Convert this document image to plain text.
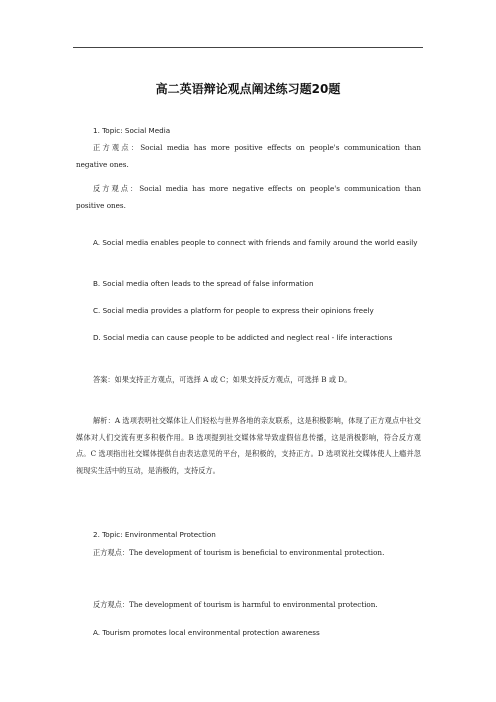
高二英语辩论观点阐述练习题20题
1. Topic: Social Media
正方观点：Social media has more positive effects on people's communication than negative ones.
反方观点：Social media has more negative effects on people's communication than positive ones.
A. Social media enables people to connect with friends and family around the world easily
B. Social media often leads to the spread of false information
C. Social media provides a platform for people to express their opinions freely
D. Social media can cause people to be addicted and neglect real - life interactions
答案：如果支持正方观点，可选择 A 或 C；如果支持反方观点，可选择 B 或 D。
解析：A 选项表明社交媒体让人们轻松与世界各地的亲友联系，这是积极影响，体现了正方观点中社交媒体对人们交流有更多积极作用。B 选项提到社交媒体常导致虚假信息传播，这是消极影响，符合反方观点。C 选项指出社交媒体提供自由表达意见的平台，是积极的，支持正方。D 选项说社交媒体使人上瘾并忽视现实生活中的互动，是消极的，支持反方。
2. Topic: Environmental Protection
正方观点：The development of tourism is beneficial to environmental protection.
反方观点：The development of tourism is harmful to environmental protection.
A. Tourism promotes local environmental protection awareness
